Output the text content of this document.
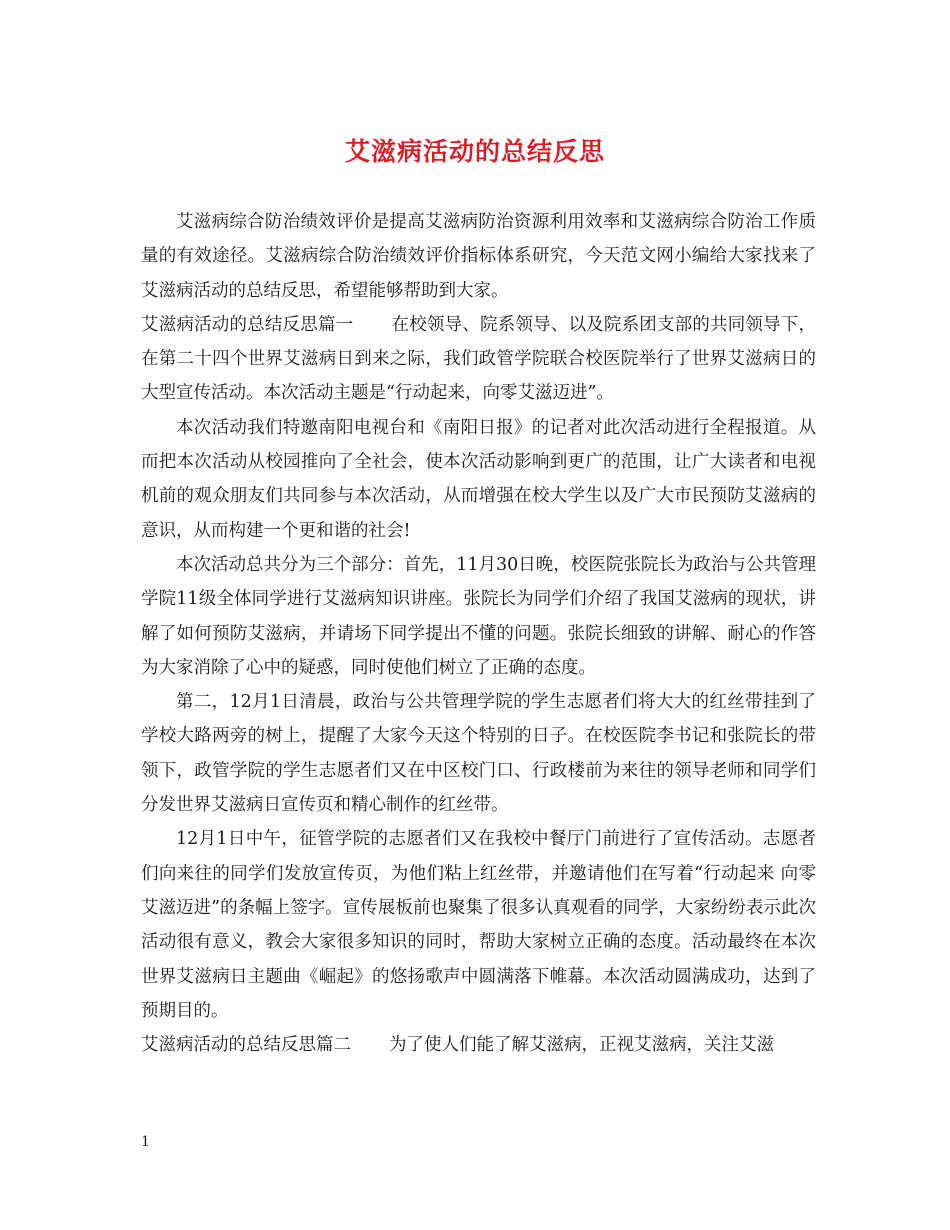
艾滋病活动的总结反思

艾滋病综合防治绩效评价是提高艾滋病防治资源利用效率和艾滋病综合防治工作质量的有效途径。艾滋病综合防治绩效评价指标体系研究，今天范文网小编给大家找来了艾滋病活动的总结反思，希望能够帮助到大家。

艾滋病活动的总结反思篇一 在校领导、院系领导、以及院系团支部的共同领导下，在第二十四个世界艾滋病日到来之际，我们政管学院联合校医院举行了世界艾滋病日的大型宣传活动。本次活动主题是“行动起来，向零艾滋迈进”。

本次活动我们特邀南阳电视台和《南阳日报》的记者对此次活动进行全程报道。从而把本次活动从校园推向了全社会，使本次活动影响到更广的范围，让广大读者和电视机前的观众朋友们共同参与本次活动，从而增强在校大学生以及广大市民预防艾滋病的意识，从而构建一个更和谐的社会!

本次活动总共分为三个部分：首先，11月30日晚，校医院张院长为政治与公共管理学院11级全体同学进行艾滋病知识讲座。张院长为同学们介绍了我国艾滋病的现状，讲解了如何预防艾滋病，并请场下同学提出不懂的问题。张院长细致的讲解、耐心的作答为大家消除了心中的疑惑，同时使他们树立了正确的态度。

第二，12月1日清晨，政治与公共管理学院的学生志愿者们将大大的红丝带挂到了学校大路两旁的树上，提醒了大家今天这个特别的日子。在校医院李书记和张院长的带领下，政管学院的学生志愿者们又在中区校门口、行政楼前为来往的领导老师和同学们分发世界艾滋病日宣传页和精心制作的红丝带。

12月1日中午，征管学院的志愿者们又在我校中餐厅门前进行了宣传活动。志愿者们向来往的同学们发放宣传页，为他们粘上红丝带，并邀请他们在写着“行动起来 向零艾滋迈进”的条幅上签字。宣传展板前也聚集了很多认真观看的同学，大家纷纷表示此次活动很有意义，教会大家很多知识的同时，帮助大家树立正确的态度。活动最终在本次世界艾滋病日主题曲《崛起》的悠扬歌声中圆满落下帷幕。本次活动圆满成功，达到了预期目的。

艾滋病活动的总结反思篇二 为了使人们能了解艾滋病，正视艾滋病，关注艾滋

1
